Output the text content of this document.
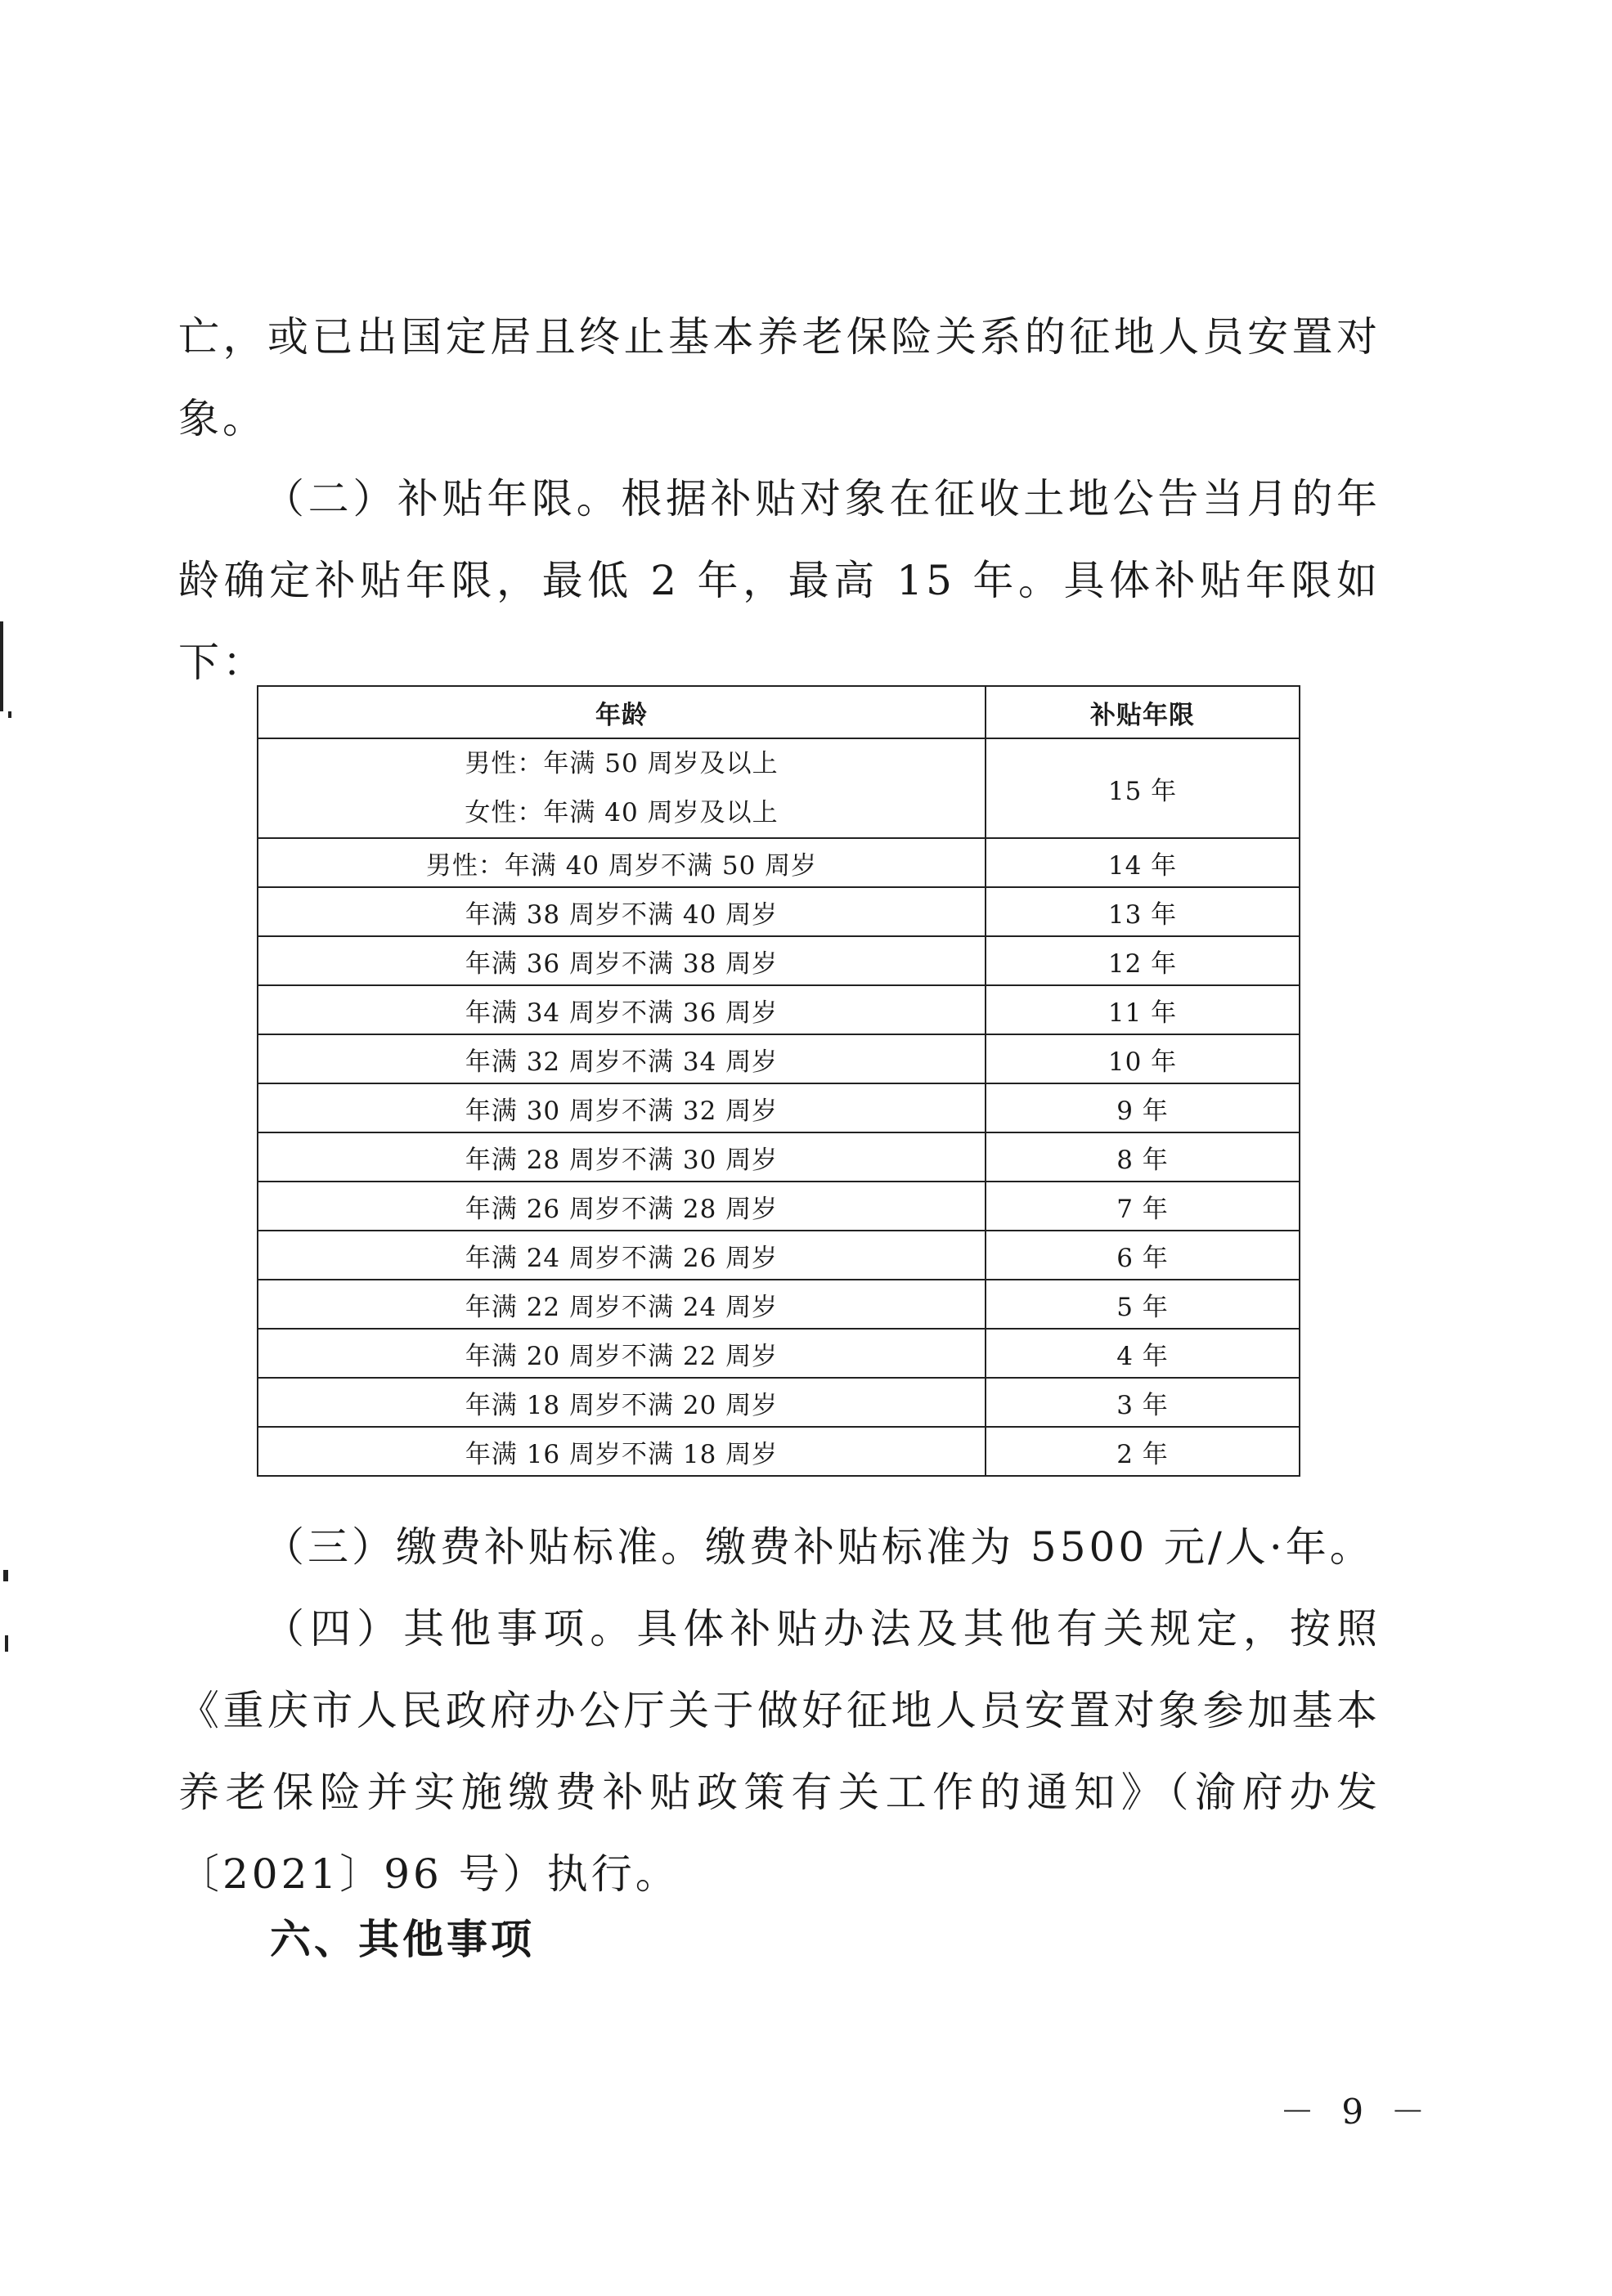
亡，或已出国定居且终止基本养老保险关系的征地人员安置对象。

（二）补贴年限。根据补贴对象在征收土地公告当月的年龄确定补贴年限，最低 2 年，最高 15 年。具体补贴年限如下：

年龄	补贴年限

男性：年满 50 周岁及以上
女性：年满 40 周岁及以上	15 年
男性：年满 40 周岁不满 50 周岁	14 年
年满 38 周岁不满 40 周岁	13 年
年满 36 周岁不满 38 周岁	12 年
年满 34 周岁不满 36 周岁	11 年
年满 32 周岁不满 34 周岁	10 年
年满 30 周岁不满 32 周岁	9 年
年满 28 周岁不满 30 周岁	8 年
年满 26 周岁不满 28 周岁	7 年
年满 24 周岁不满 26 周岁	6 年
年满 22 周岁不满 24 周岁	5 年
年满 20 周岁不满 22 周岁	4 年
年满 18 周岁不满 20 周岁	3 年
年满 16 周岁不满 18 周岁	2 年

（三）缴费补贴标准。缴费补贴标准为 5500 元/人·年。

（四）其他事项。具体补贴办法及其他有关规定，按照《重庆市人民政府办公厅关于做好征地人员安置对象参加基本养老保险并实施缴费补贴政策有关工作的通知》（渝府办发〔2021〕96 号）执行。

六、其他事项

－ 9 －
